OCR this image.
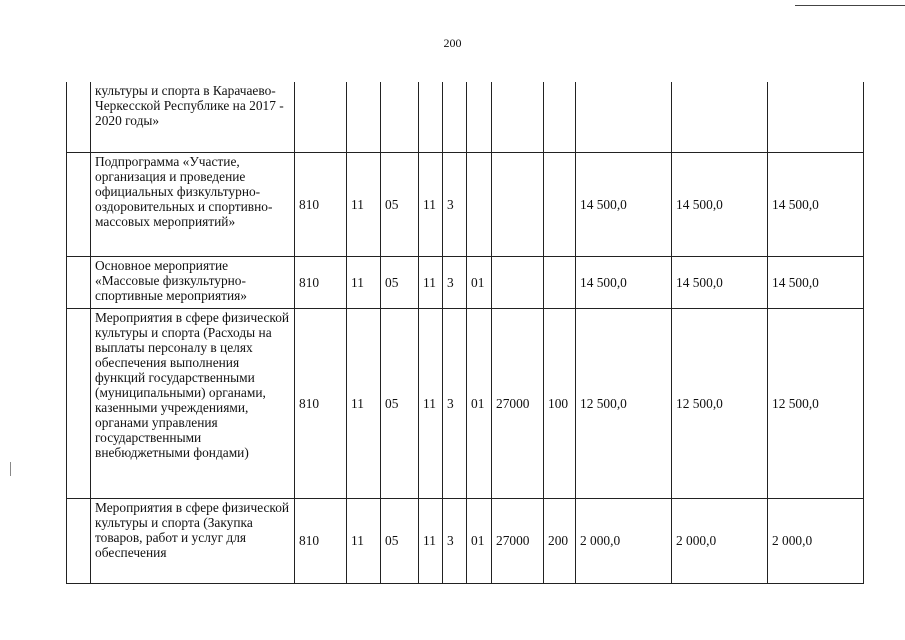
200
	культуры и спорта в Карачаево-Черкесской Республике на 2017 - 2020 годы»											
	Подпрограмма «Участие, организация и проведение официальных физкультурно-оздоровительных и спортивно-массовых мероприятий»	810	11	05	11	3				14 500,0	14 500,0	14 500,0
	Основное мероприятие «Массовые физкультурно-спортивные мероприятия»	810	11	05	11	3	01			14 500,0	14 500,0	14 500,0
	Мероприятия в сфере физической культуры и спорта (Расходы на выплаты персоналу в целях обеспечения выполнения функций государственными (муниципальными) органами, казенными учреждениями, органами управления государственными внебюджетными фондами)	810	11	05	11	3	01	27000	100	12 500,0	12 500,0	12 500,0
	Мероприятия в сфере физической культуры и спорта (Закупка товаров, работ и услуг для обеспечения	810	11	05	11	3	01	27000	200	2 000,0	2 000,0	2 000,0
